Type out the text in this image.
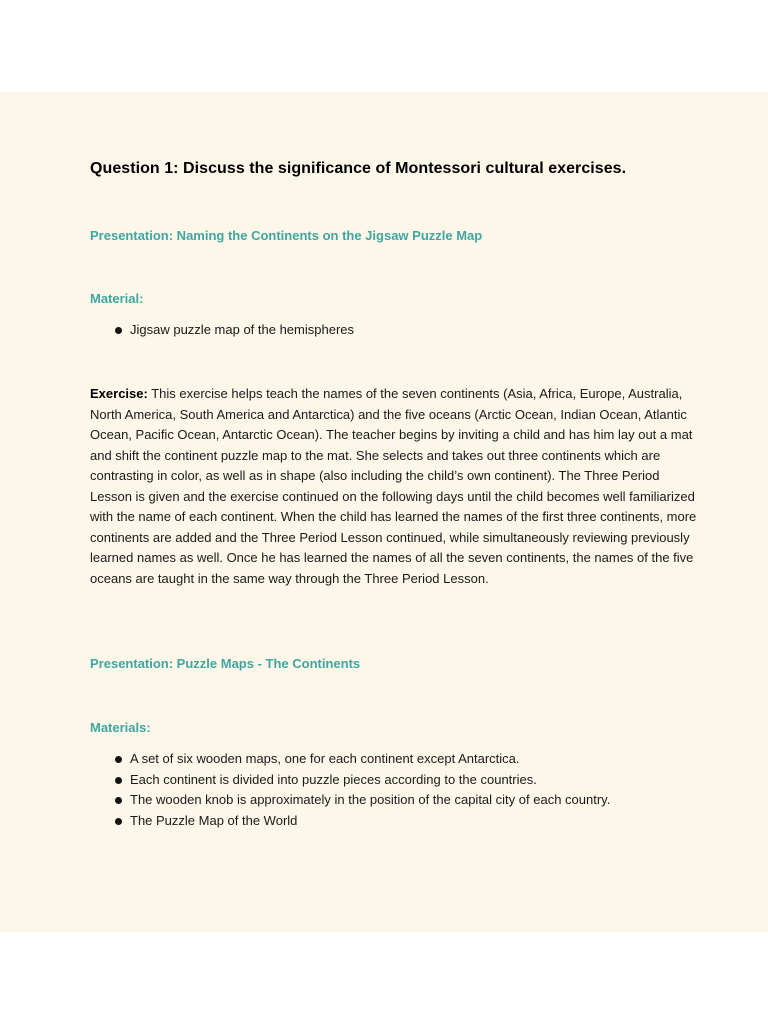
Question 1: Discuss the significance of Montessori cultural exercises.
Presentation: Naming the Continents on the Jigsaw Puzzle Map
Material:
Jigsaw puzzle map of the hemispheres

Exercise: This exercise helps teach the names of the seven continents (Asia, Africa, Europe, Australia, North America, South America and Antarctica) and the five oceans (Arctic Ocean, Indian Ocean, Atlantic Ocean, Pacific Ocean, Antarctic Ocean). The teacher begins by inviting a child and has him lay out a mat and shift the continent puzzle map to the mat. She selects and takes out three continents which are contrasting in color, as well as in shape (also including the child’s own continent). The Three Period Lesson is given and the exercise continued on the following days until the child becomes well familiarized with the name of each continent. When the child has learned the names of the first three continents, more continents are added and the Three Period Lesson continued, while simultaneously reviewing previously learned names as well. Once he has learned the names of all the seven continents, the names of the five oceans are taught in the same way through the Three Period Lesson.

Presentation: Puzzle Maps - The Continents
Materials:
A set of six wooden maps, one for each continent except Antarctica.
Each continent is divided into puzzle pieces according to the countries.
The wooden knob is approximately in the position of the capital city of each country.
The Puzzle Map of the World
